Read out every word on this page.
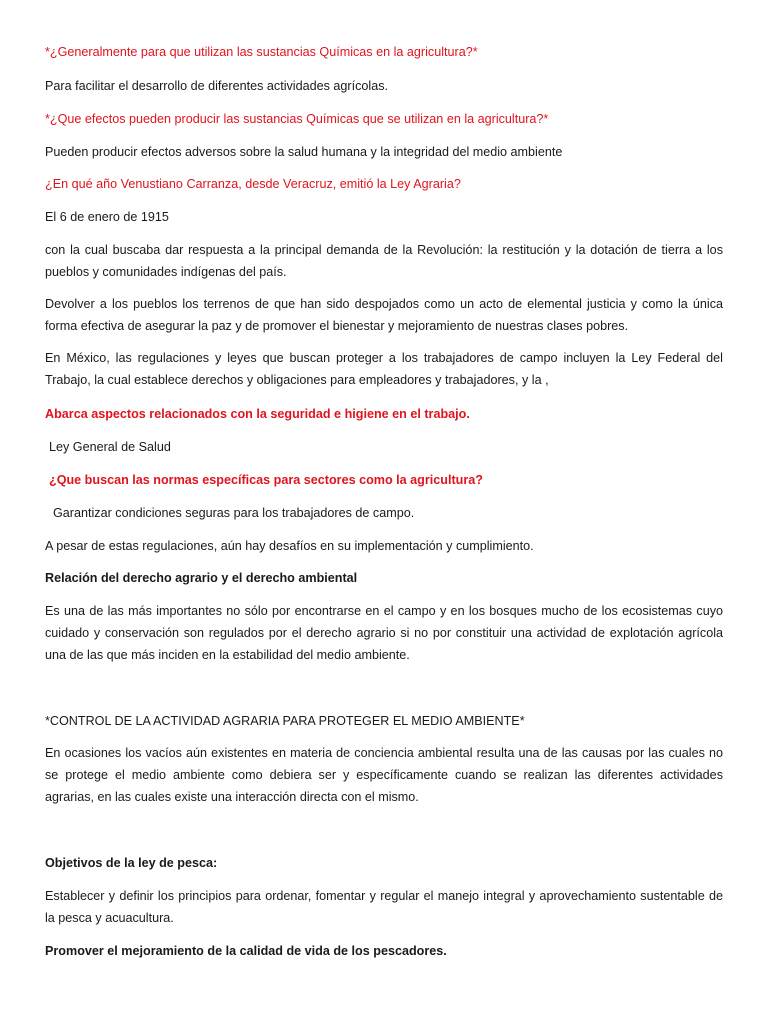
*¿Generalmente para que utilizan las sustancias Químicas en la agricultura?*

Para facilitar el desarrollo de diferentes actividades agrícolas.

*¿Que efectos pueden producir las sustancias Químicas que se utilizan en la agricultura?*

Pueden producir efectos adversos sobre la salud humana y la integridad del medio ambiente

¿En qué año Venustiano Carranza, desde Veracruz, emitió la Ley Agraria?

El 6 de enero de 1915

con la cual buscaba dar respuesta a la principal demanda de la Revolución: la restitución y la dotación de tierra a los pueblos y comunidades indígenas del país.

Devolver a los pueblos los terrenos de que han sido despojados como un acto de elemental justicia y como la única forma efectiva de asegurar la paz y de promover el bienestar y mejoramiento de nuestras clases pobres.

En México, las regulaciones y leyes que buscan proteger a los trabajadores de campo incluyen la Ley Federal del Trabajo, la cual establece derechos y obligaciones para empleadores y trabajadores, y la ,

Abarca aspectos relacionados con la seguridad e higiene en el trabajo.

Ley General de Salud

¿Que buscan las normas específicas para sectores como la agricultura?

Garantizar condiciones seguras para los trabajadores de campo.

A pesar de estas regulaciones, aún hay desafíos en su implementación y cumplimiento.

Relación del derecho agrario y el derecho ambiental

Es una de las más importantes no sólo por encontrarse en el campo y en los bosques mucho de los ecosistemas cuyo cuidado y conservación son regulados por el derecho agrario si no por constituir una actividad de explotación agrícola una de las que más inciden en la estabilidad del medio ambiente.

*CONTROL DE LA ACTIVIDAD AGRARIA PARA PROTEGER EL MEDIO AMBIENTE*

En ocasiones los vacíos aún existentes en materia de conciencia ambiental resulta una de las causas por las cuales no se protege el medio ambiente como debiera ser y específicamente cuando se realizan las diferentes actividades agrarias, en las cuales existe una interacción directa con el mismo.

Objetivos de la ley de pesca:

Establecer y definir los principios para ordenar, fomentar y regular el manejo integral y aprovechamiento sustentable de la pesca y acuacultura.

Promover el mejoramiento de la calidad de vida de los pescadores.
